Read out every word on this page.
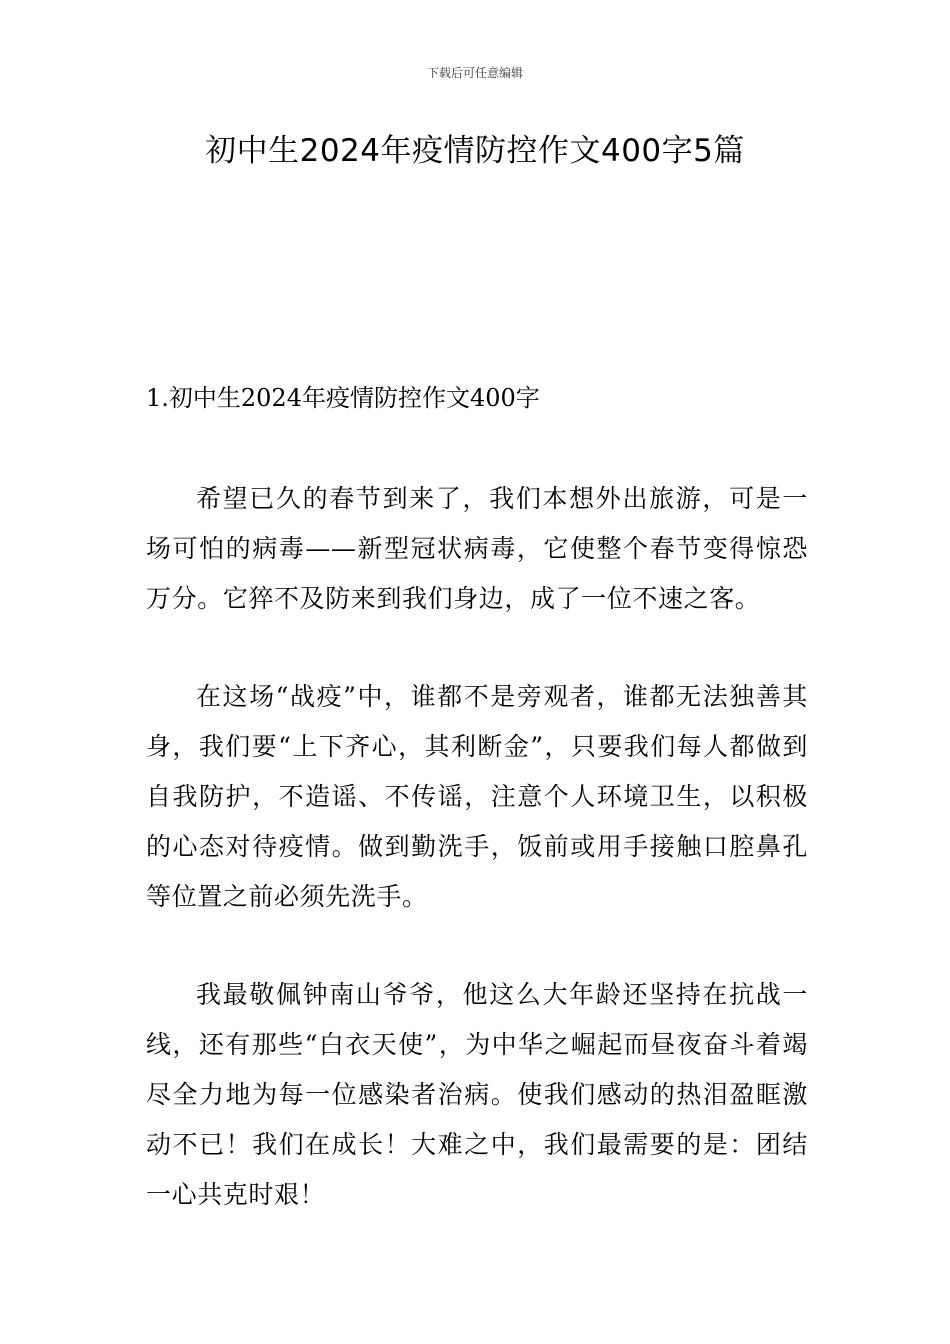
下载后可任意编辑
初中生2024年疫情防控作文400字5篇
1.初中生2024年疫情防控作文400字

希望已久的春节到来了，我们本想外出旅游，可是一场可怕的病毒——新型冠状病毒，它使整个春节变得惊恐万分。它猝不及防来到我们身边，成了一位不速之客。

在这场“战疫”中，谁都不是旁观者，谁都无法独善其身，我们要“上下齐心，其利断金”，只要我们每人都做到自我防护，不造谣、不传谣，注意个人环境卫生，以积极的心态对待疫情。做到勤洗手，饭前或用手接触口腔鼻孔等位置之前必须先洗手。

我最敬佩钟南山爷爷，他这么大年龄还坚持在抗战一线，还有那些“白衣天使”，为中华之崛起而昼夜奋斗着竭尽全力地为每一位感染者治病。使我们感动的热泪盈眶激动不已！我们在成长！大难之中，我们最需要的是：团结一心共克时艰！
